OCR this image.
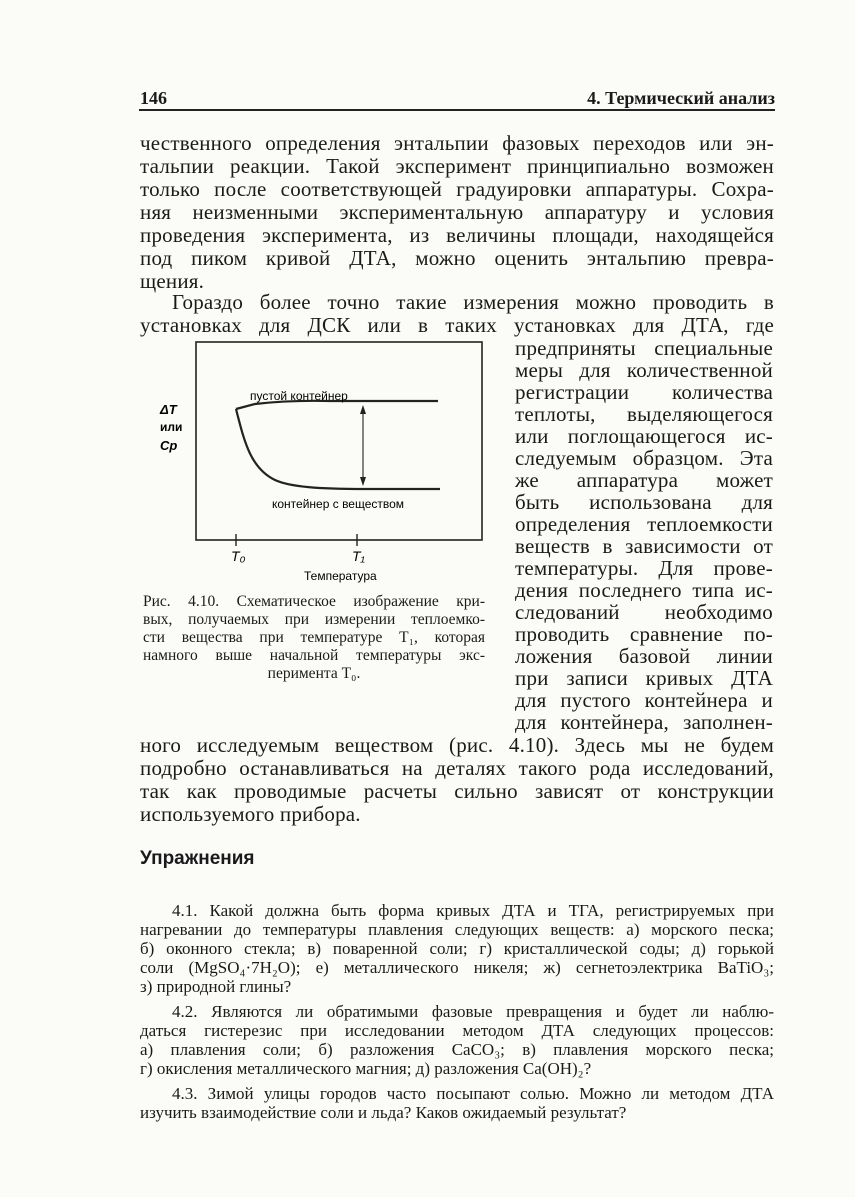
146	4. Термический анализ
чественного определения энтальпии фазовых переходов или эн-
тальпии реакции. Такой эксперимент принципиально возможен
только после соответствующей градуировки аппаратуры. Сохра-
няя неизменными экспериментальную аппаратуру и условия
проведения эксперимента, из величины площади, находящейся
под пиком кривой ДТА, можно оценить энтальпию превра-
щения.
Гораздо более точно такие измерения можно проводить в
установках для ДСК или в таких установках для ДТА, где
предприняты специальные
меры для количественной
регистрации количества
теплоты, выделяющегося
или поглощающегося ис-
следуемым образцом. Эта
же аппаратура может
быть использована для
определения теплоемкости
веществ в зависимости от
температуры. Для прове-
дения последнего типа ис-
следований необходимо
проводить сравнение по-
ложения базовой линии
при записи кривых ДТА
для пустого контейнера и
для контейнера, заполнен-
ного исследуемым веществом (рис. 4.10). Здесь мы не будем
подробно останавливаться на деталях такого рода исследований,
так как проводимые расчеты сильно зависят от конструкции
используемого прибора.
ΔT
или
Cp
пустой контейнер
контейнер с веществом
T₀	T₁
Температура
Рис. 4.10. Схематическое изображение кри-
вых, получаемых при измерении теплоемко-
сти вещества при температуре T₁, которая
намного выше начальной температуры экс-
перимента T₀.
Упражнения
4.1. Какой должна быть форма кривых ДТА и ТГА, регистрируемых при
нагревании до температуры плавления следующих веществ: а) морского песка;
б) оконного стекла; в) поваренной соли; г) кристаллической соды; д) горькой
соли (MgSO₄·7H₂O); е) металлического никеля; ж) сегнетоэлектрика BaTiO₃;
з) природной глины?
4.2. Являются ли обратимыми фазовые превращения и будет ли наблю-
даться гистерезис при исследовании методом ДТА следующих процессов:
а) плавления соли; б) разложения CaCO₃; в) плавления морского песка;
г) окисления металлического магния; д) разложения Ca(OH)₂?
4.3. Зимой улицы городов часто посыпают солью. Можно ли методом ДТА
изучить взаимодействие соли и льда? Каков ожидаемый результат?
